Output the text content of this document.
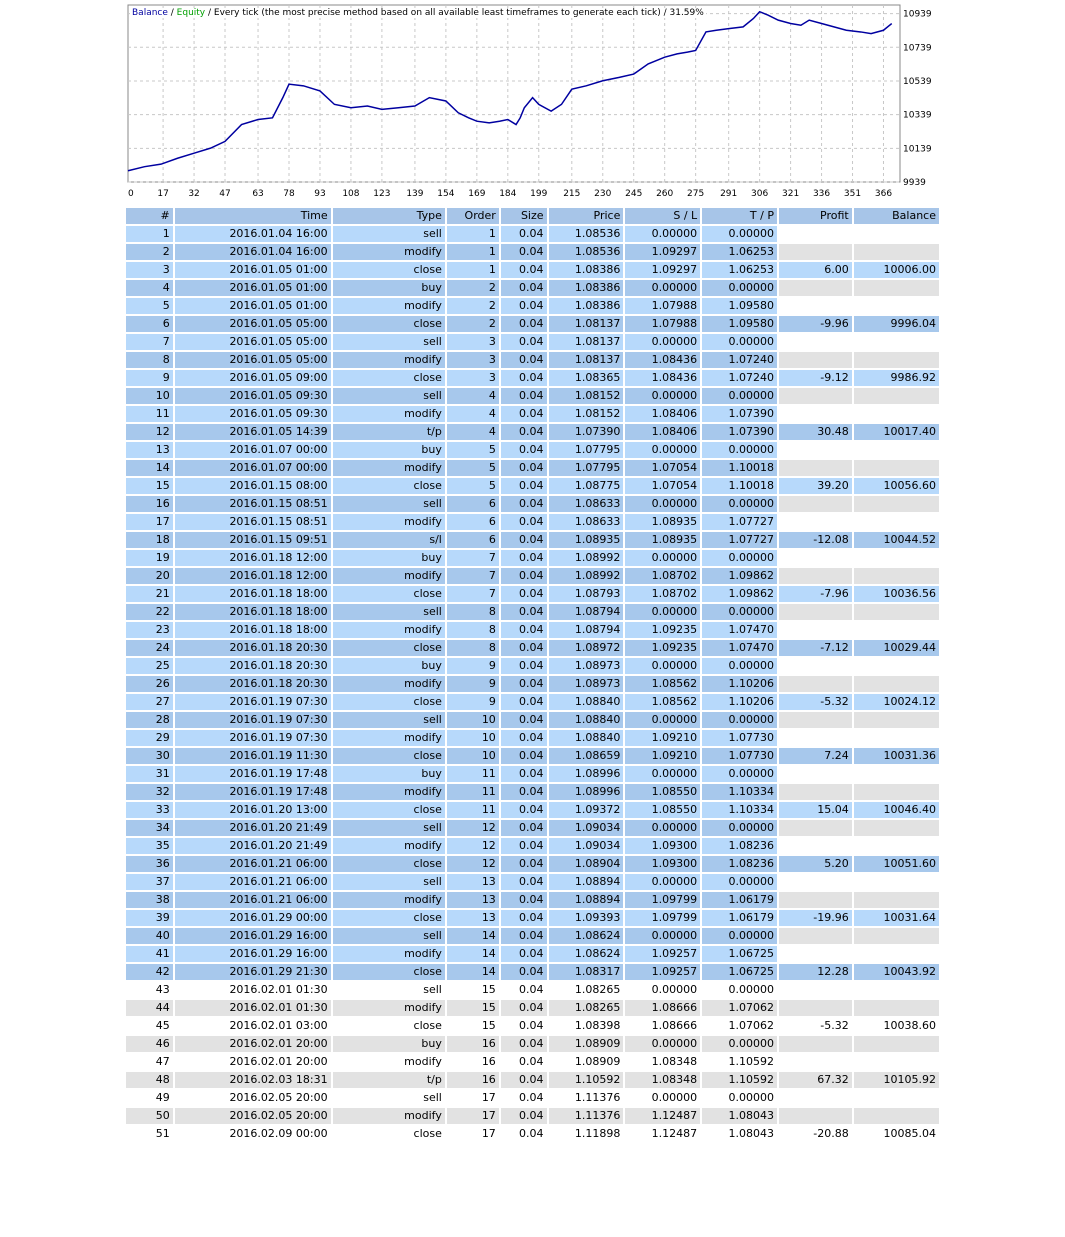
0	17 32 47 63 78 93 108 123 139 154 169 184 199 215 230 245 260 275 291 306 321 336 351 366
9939
10139
10339
10539
10739
10939
Balance / Equity / Every tick (the most precise method based on all available least timeframes to generate each tick) / 31.59%
#	Time	Type	Order	Size	Price	S / L	T / P	Profit	Balance
1	2016.01.04 16:00	sell	1	0.04	1.08536	0.00000	0.00000		
2	2016.01.04 16:00	modify	1	0.04	1.08536	1.09297	1.06253		
3	2016.01.05 01:00	close	1	0.04	1.08386	1.09297	1.06253	6.00	10006.00
4	2016.01.05 01:00	buy	2	0.04	1.08386	0.00000	0.00000		
5	2016.01.05 01:00	modify	2	0.04	1.08386	1.07988	1.09580		
6	2016.01.05 05:00	close	2	0.04	1.08137	1.07988	1.09580	-9.96	9996.04
7	2016.01.05 05:00	sell	3	0.04	1.08137	0.00000	0.00000		
8	2016.01.05 05:00	modify	3	0.04	1.08137	1.08436	1.07240		
9	2016.01.05 09:00	close	3	0.04	1.08365	1.08436	1.07240	-9.12	9986.92
10	2016.01.05 09:30	sell	4	0.04	1.08152	0.00000	0.00000		
11	2016.01.05 09:30	modify	4	0.04	1.08152	1.08406	1.07390		
12	2016.01.05 14:39	t/p	4	0.04	1.07390	1.08406	1.07390	30.48	10017.40
13	2016.01.07 00:00	buy	5	0.04	1.07795	0.00000	0.00000		
14	2016.01.07 00:00	modify	5	0.04	1.07795	1.07054	1.10018		
15	2016.01.15 08:00	close	5	0.04	1.08775	1.07054	1.10018	39.20	10056.60
16	2016.01.15 08:51	sell	6	0.04	1.08633	0.00000	0.00000		
17	2016.01.15 08:51	modify	6	0.04	1.08633	1.08935	1.07727		
18	2016.01.15 09:51	s/l	6	0.04	1.08935	1.08935	1.07727	-12.08	10044.52
19	2016.01.18 12:00	buy	7	0.04	1.08992	0.00000	0.00000		
20	2016.01.18 12:00	modify	7	0.04	1.08992	1.08702	1.09862		
21	2016.01.18 18:00	close	7	0.04	1.08793	1.08702	1.09862	-7.96	10036.56
22	2016.01.18 18:00	sell	8	0.04	1.08794	0.00000	0.00000		
23	2016.01.18 18:00	modify	8	0.04	1.08794	1.09235	1.07470		
24	2016.01.18 20:30	close	8	0.04	1.08972	1.09235	1.07470	-7.12	10029.44
25	2016.01.18 20:30	buy	9	0.04	1.08973	0.00000	0.00000		
26	2016.01.18 20:30	modify	9	0.04	1.08973	1.08562	1.10206		
27	2016.01.19 07:30	close	9	0.04	1.08840	1.08562	1.10206	-5.32	10024.12
28	2016.01.19 07:30	sell	10	0.04	1.08840	0.00000	0.00000		
29	2016.01.19 07:30	modify	10	0.04	1.08840	1.09210	1.07730		
30	2016.01.19 11:30	close	10	0.04	1.08659	1.09210	1.07730	7.24	10031.36
31	2016.01.19 17:48	buy	11	0.04	1.08996	0.00000	0.00000		
32	2016.01.19 17:48	modify	11	0.04	1.08996	1.08550	1.10334		
33	2016.01.20 13:00	close	11	0.04	1.09372	1.08550	1.10334	15.04	10046.40
34	2016.01.20 21:49	sell	12	0.04	1.09034	0.00000	0.00000		
35	2016.01.20 21:49	modify	12	0.04	1.09034	1.09300	1.08236		
36	2016.01.21 06:00	close	12	0.04	1.08904	1.09300	1.08236	5.20	10051.60
37	2016.01.21 06:00	sell	13	0.04	1.08894	0.00000	0.00000		
38	2016.01.21 06:00	modify	13	0.04	1.08894	1.09799	1.06179		
39	2016.01.29 00:00	close	13	0.04	1.09393	1.09799	1.06179	-19.96	10031.64
40	2016.01.29 16:00	sell	14	0.04	1.08624	0.00000	0.00000		
41	2016.01.29 16:00	modify	14	0.04	1.08624	1.09257	1.06725		
42	2016.01.29 21:30	close	14	0.04	1.08317	1.09257	1.06725	12.28	10043.92
43	2016.02.01 01:30	sell	15	0.04	1.08265	0.00000	0.00000		
44	2016.02.01 01:30	modify	15	0.04	1.08265	1.08666	1.07062		
45	2016.02.01 03:00	close	15	0.04	1.08398	1.08666	1.07062	-5.32	10038.60
46	2016.02.01 20:00	buy	16	0.04	1.08909	0.00000	0.00000		
47	2016.02.01 20:00	modify	16	0.04	1.08909	1.08348	1.10592		
48	2016.02.03 18:31	t/p	16	0.04	1.10592	1.08348	1.10592	67.32	10105.92
49	2016.02.05 20:00	sell	17	0.04	1.11376	0.00000	0.00000		
50	2016.02.05 20:00	modify	17	0.04	1.11376	1.12487	1.08043		
51	2016.02.09 00:00	close	17	0.04	1.11898	1.12487	1.08043	-20.88	10085.04
